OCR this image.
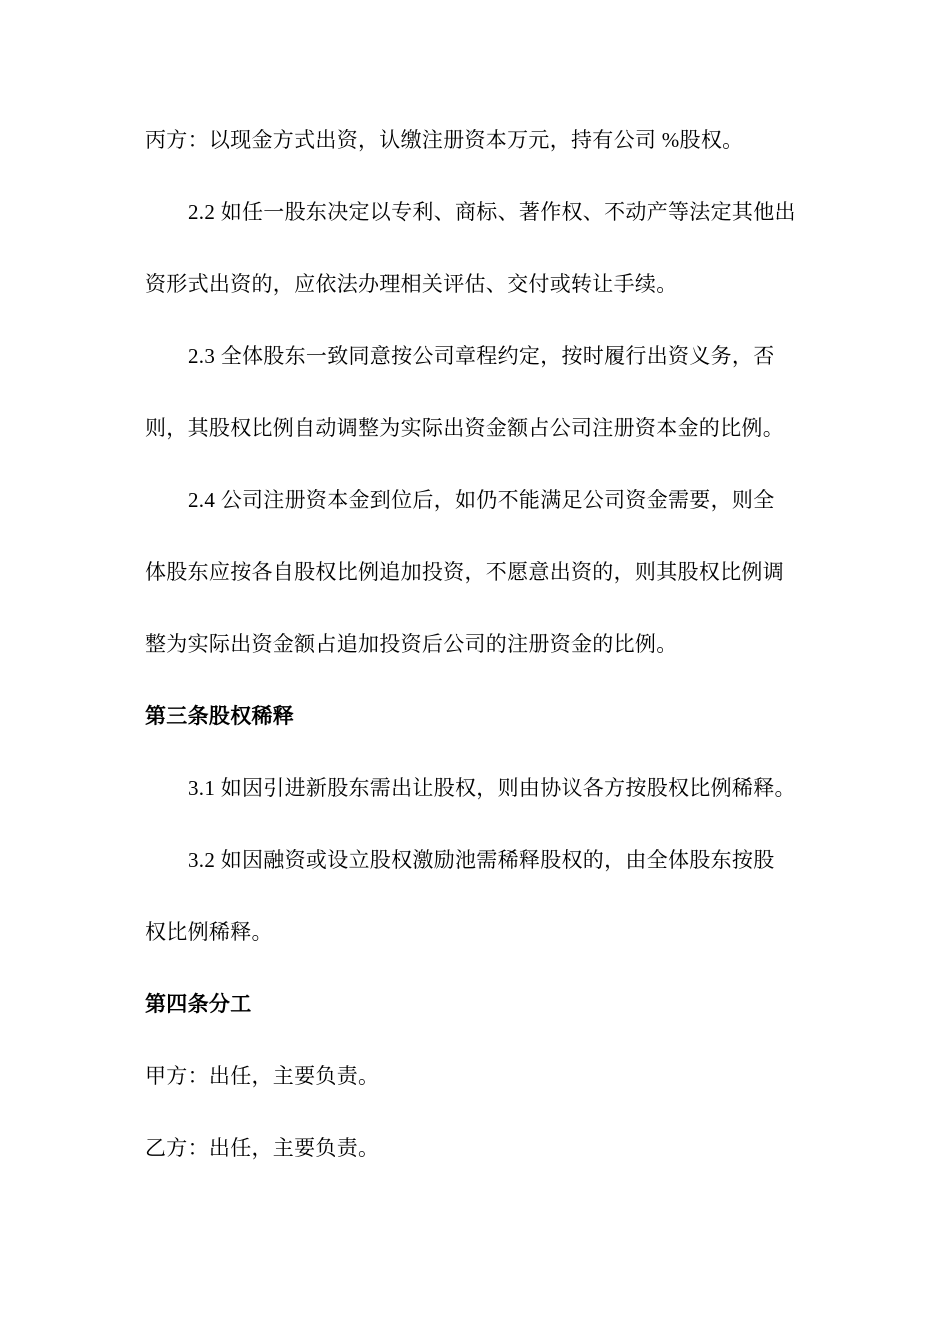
丙方：以现金方式出资，认缴注册资本万元，持有公司 %股权。
2.2 如任一股东决定以专利、商标、著作权、不动产等法定其他出
资形式出资的，应依法办理相关评估、交付或转让手续。
2.3 全体股东一致同意按公司章程约定，按时履行出资义务，否
则，其股权比例自动调整为实际出资金额占公司注册资本金的比例。
2.4 公司注册资本金到位后，如仍不能满足公司资金需要，则全
体股东应按各自股权比例追加投资，不愿意出资的，则其股权比例调
整为实际出资金额占追加投资后公司的注册资金的比例。
第三条股权稀释
3.1 如因引进新股东需出让股权，则由协议各方按股权比例稀释。
3.2 如因融资或设立股权激励池需稀释股权的，由全体股东按股
权比例稀释。
第四条分工
甲方：出任，主要负责。
乙方：出任，主要负责。
